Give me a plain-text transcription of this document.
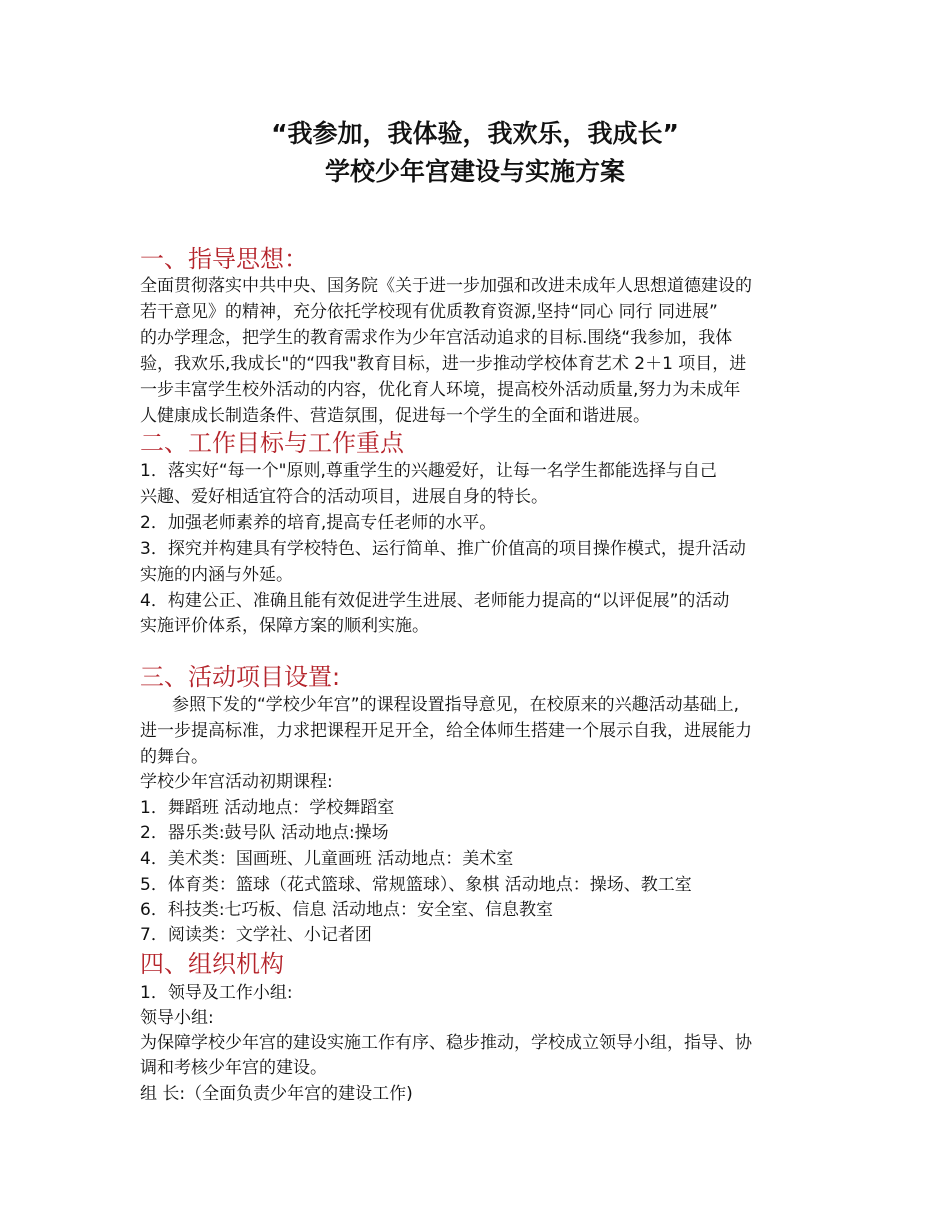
“我参加，我体验，我欢乐，我成长”
学校少年宫建设与实施方案
一、指导思想：
全面贯彻落实中共中央、国务院《关于进一步加强和改进未成年人思想道德建设的
若干意见》的精神，充分依托学校现有优质教育资源,坚持“同心 同行 同进展”
的办学理念，把学生的教育需求作为少年宫活动追求的目标.围绕“我参加，我体
验，我欢乐,我成长"的“四我"教育目标，进一步推动学校体育艺术 2＋1 项目，进
一步丰富学生校外活动的内容，优化育人环境，提高校外活动质量,努力为未成年
人健康成长制造条件、营造氛围，促进每一个学生的全面和谐进展。
二、工作目标与工作重点
1．落实好“每一个"原则,尊重学生的兴趣爱好，让每一名学生都能选择与自己
兴趣、爱好相适宜符合的活动项目，进展自身的特长。
2．加强老师素养的培育,提高专任老师的水平。
3．探究并构建具有学校特色、运行简单、推广价值高的项目操作模式，提升活动
实施的内涵与外延。
4．构建公正、准确且能有效促进学生进展、老师能力提高的“以评促展”的活动
实施评价体系，保障方案的顺利实施。
三、活动项目设置:
参照下发的“学校少年宫”的课程设置指导意见，在校原来的兴趣活动基础上,
进一步提高标准，力求把课程开足开全，给全体师生搭建一个展示自我，进展能力
的舞台。
学校少年宫活动初期课程:
1．舞蹈班 活动地点：学校舞蹈室
2．器乐类:鼓号队 活动地点:操场
4．美术类：国画班、儿童画班 活动地点：美术室
5．体育类：篮球（花式篮球、常规篮球）、象棋 活动地点：操场、教工室
6．科技类:七巧板、信息 活动地点：安全室、信息教室
7．阅读类：文学社、小记者团
四、组织机构
1．领导及工作小组:
领导小组:
为保障学校少年宫的建设实施工作有序、稳步推动，学校成立领导小组，指导、协
调和考核少年宫的建设。
组 长:（全面负责少年宫的建设工作)
